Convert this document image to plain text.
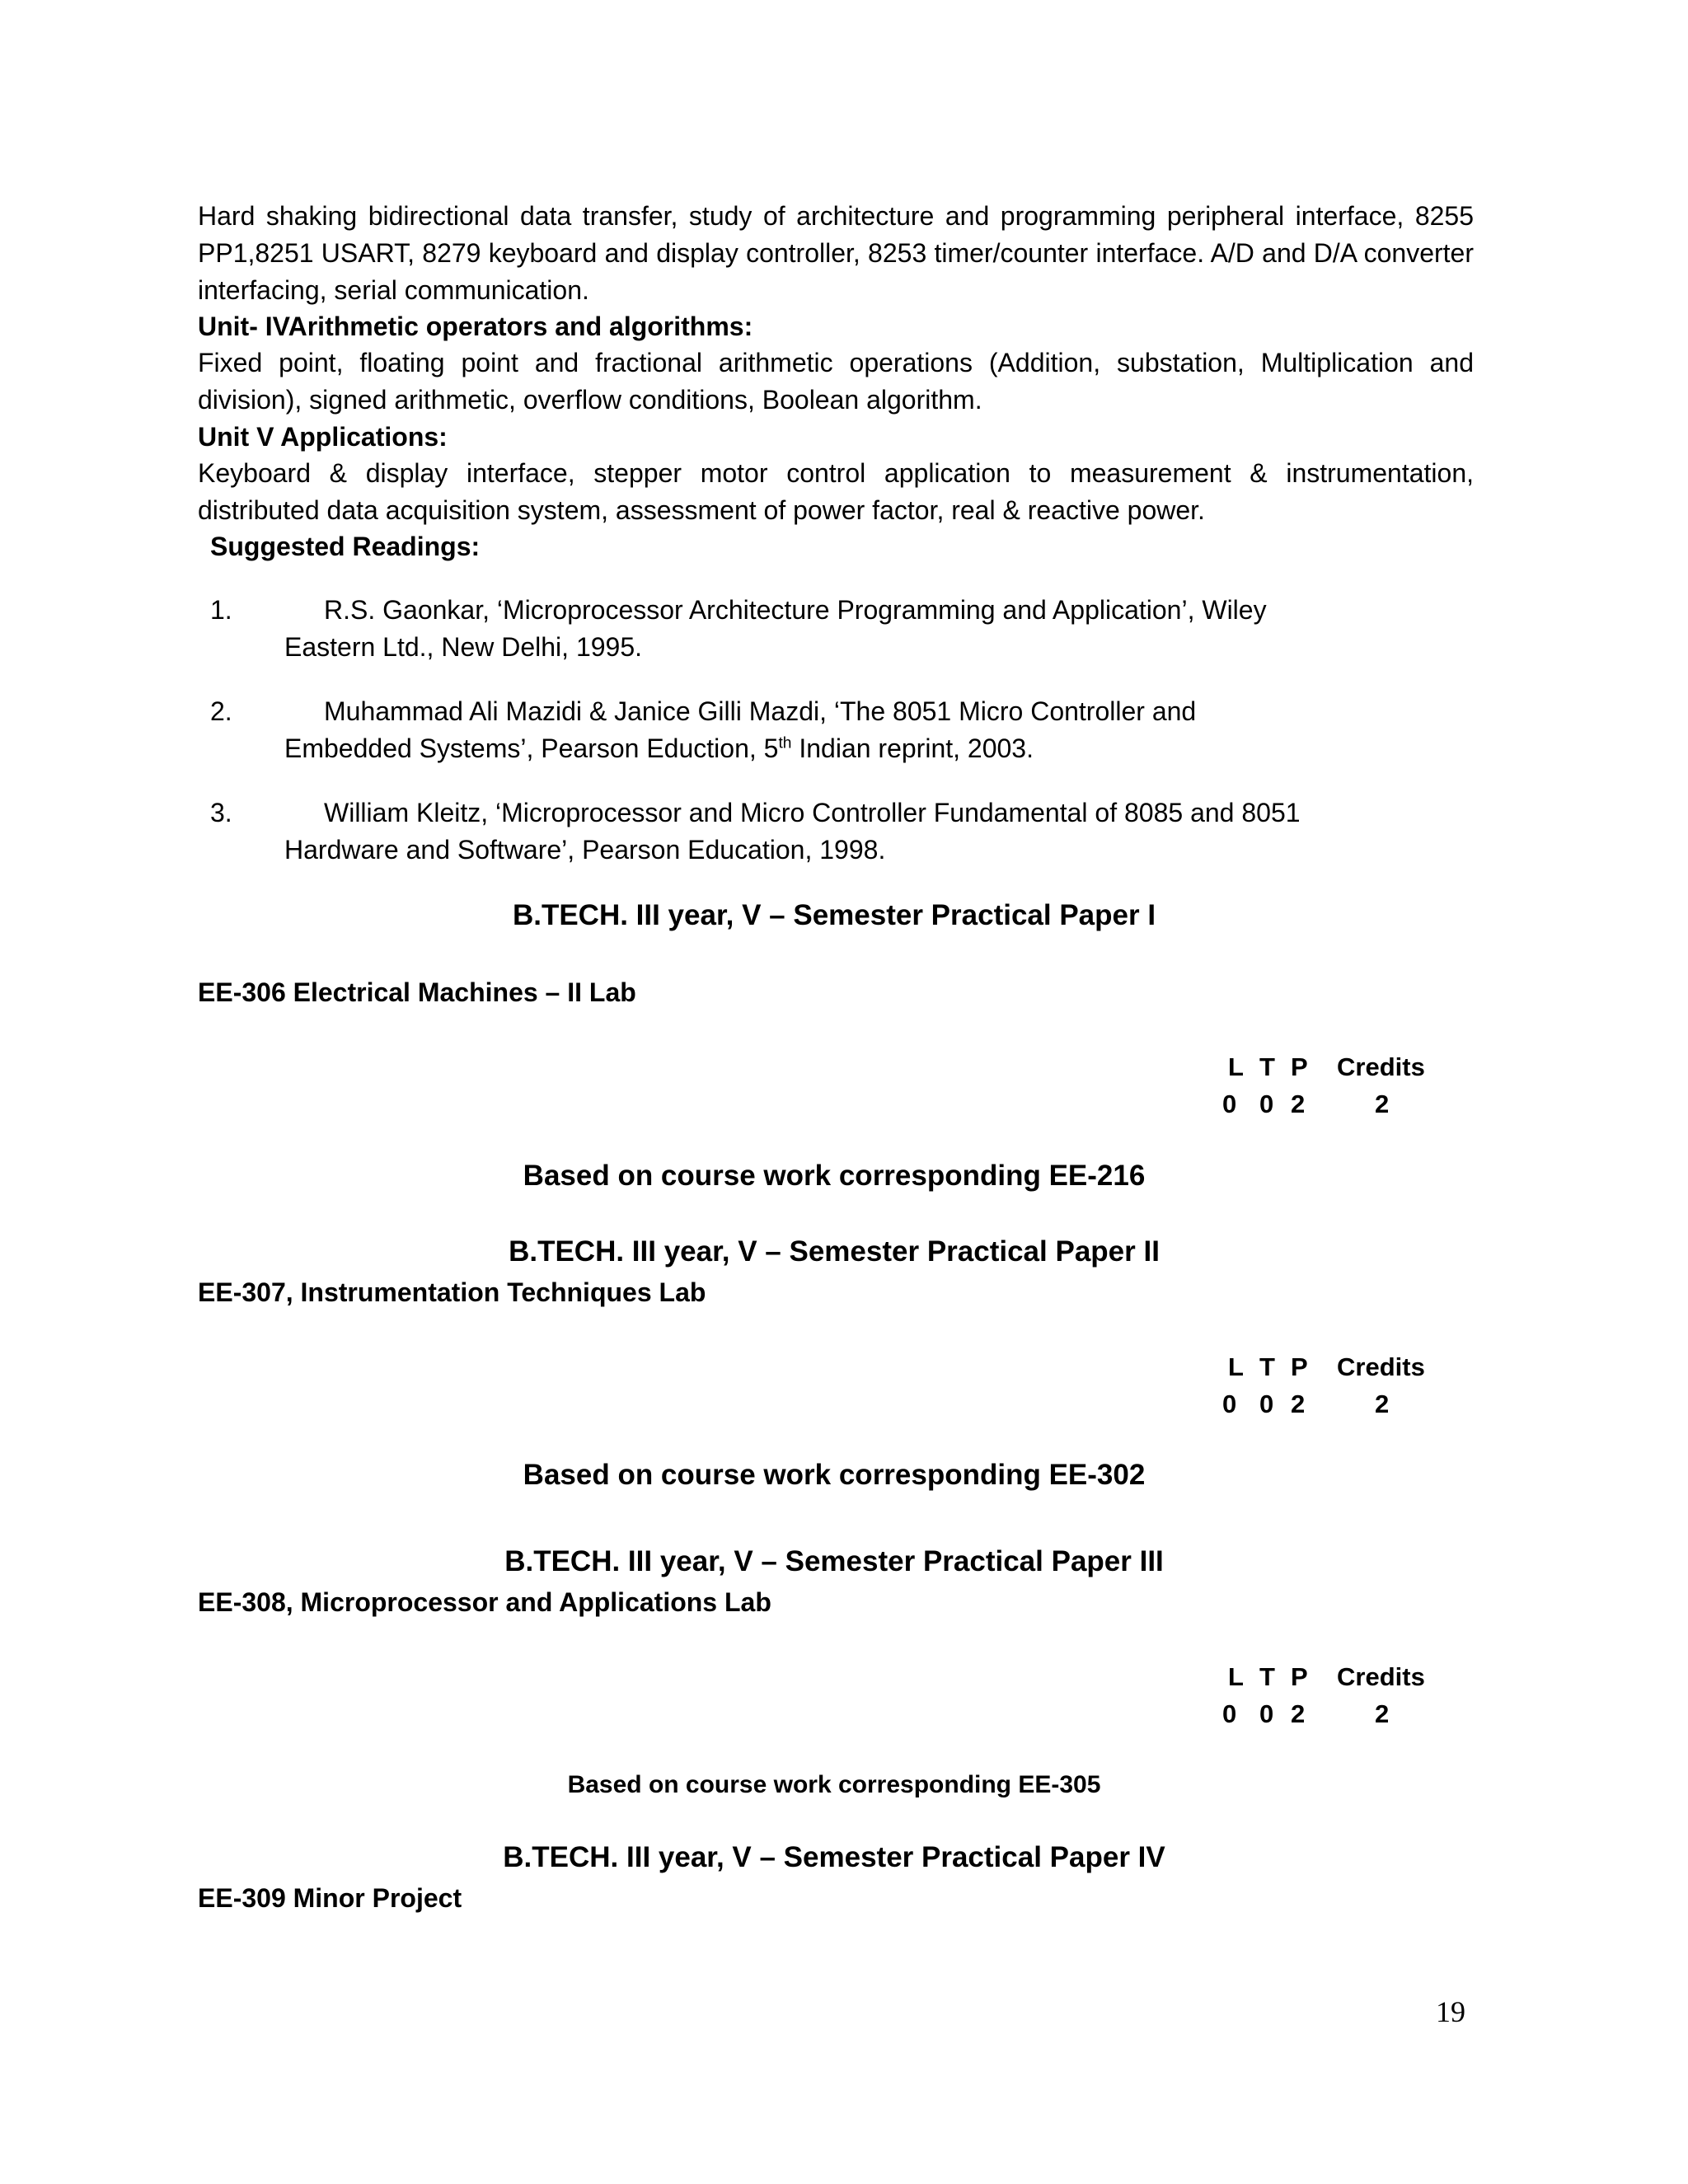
Hard shaking bidirectional data transfer, study of architecture and programming peripheral interface, 8255 PP1,8251 USART, 8279 keyboard and display controller, 8253 timer/counter interface. A/D and D/A converter interfacing, serial communication.

Unit- IVArithmetic operators and algorithms:

Fixed point, floating point and fractional arithmetic operations (Addition, substation, Multiplication and division), signed arithmetic, overflow conditions, Boolean algorithm.

Unit V Applications:

Keyboard & display interface, stepper motor control application to measurement & instrumentation, distributed data acquisition system, assessment of power factor, real & reactive power.

Suggested Readings:

1.	R.S. Gaonkar, ‘Microprocessor Architecture Programming and Application’, Wiley
Eastern Ltd., New Delhi, 1995.
2.	Muhammad Ali Mazidi & Janice Gilli Mazdi, ‘The 8051 Micro Controller and
Embedded Systems’, Pearson Eduction, 5th Indian reprint, 2003.
3.	William Kleitz, ‘Microprocessor and Micro Controller Fundamental of 8085 and 8051
Hardware and Software’, Pearson Education, 1998.

B.TECH. III year, V – Semester Practical Paper I

EE-306 Electrical Machines – II Lab

L T P Credits
0 0 2	2

Based on course work corresponding EE-216

B.TECH. III year, V – Semester Practical Paper II

EE-307, Instrumentation Techniques Lab

L T P Credits
0 0 2	2

Based on course work corresponding EE-302

B.TECH. III year, V – Semester Practical Paper III

EE-308, Microprocessor and Applications Lab

L T P Credits
0 0 2	2

Based on course work corresponding EE-305

B.TECH. III year, V – Semester Practical Paper IV

EE-309 Minor Project

19
